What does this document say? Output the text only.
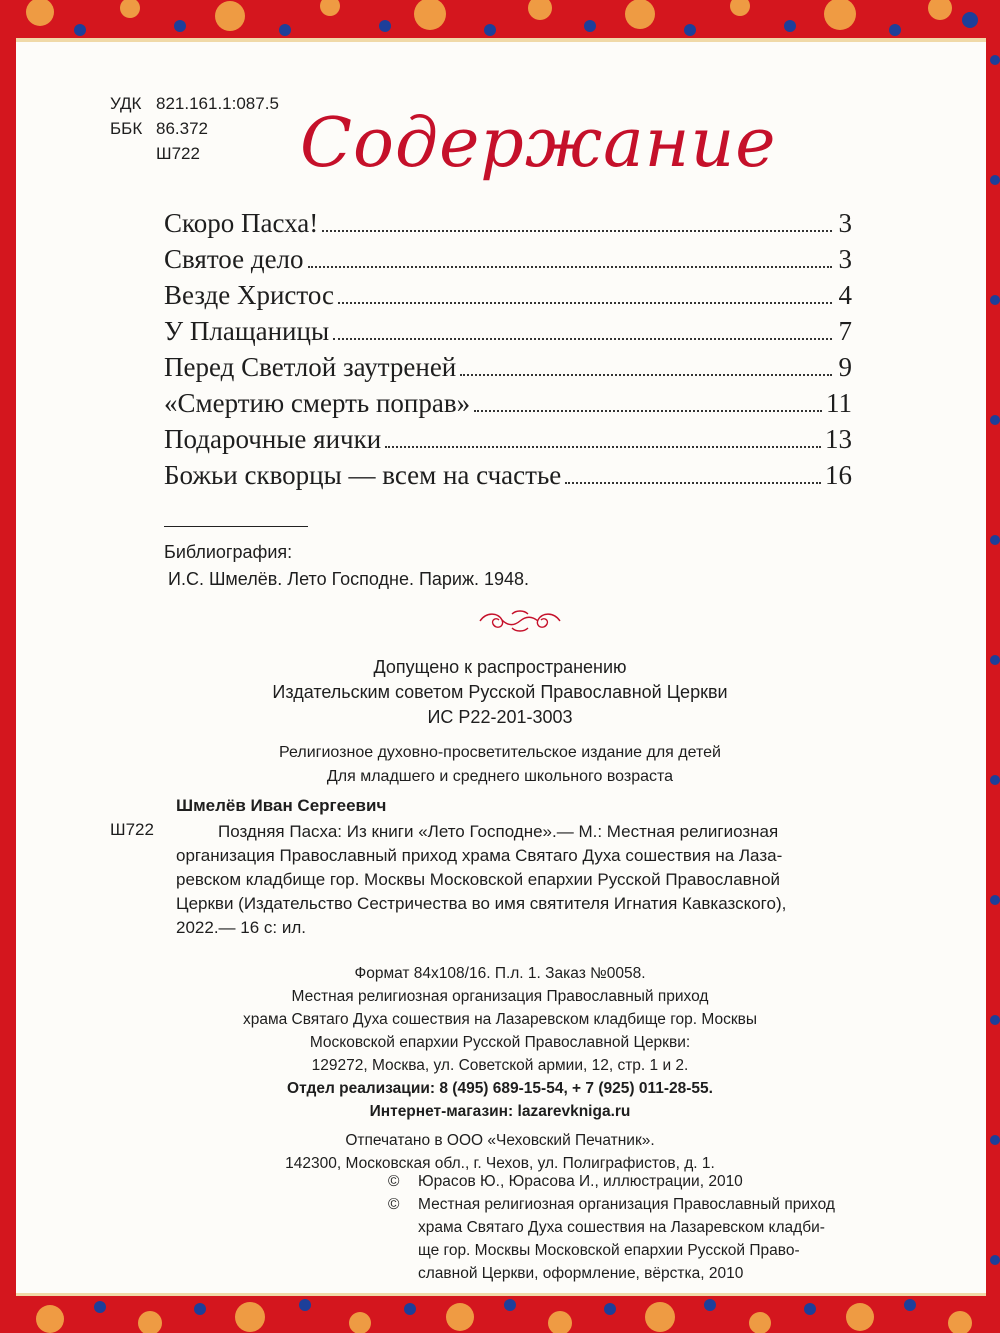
УДК 821.161.1:087.5
ББК 86.372
Ш722	Содержание
Скоро Пасха!	3
Святое дело	3
Везде Христос	4
У Плащаницы	7
Перед Светлой заутреней	9
«Смертию смерть поправ»	11
Подарочные яички	13
Божьи скворцы — всем на счастье	16
Библиография:
И.С. Шмелёв. Лето Господне. Париж. 1948.
Допущено к распространению
Издательским советом Русской Православной Церкви
ИС Р22-201-3003
Религиозное духовно-просветительское издание для детей
Для младшего и среднего школьного возраста
Шмелёв Иван Сергеевич
Ш722	Поздняя Пасха: Из книги «Лето Господне».— М.: Местная религиозная
организация Православный приход храма Святаго Духа сошествия на Лаза-
ревском кладбище гор. Москвы Московской епархии Русской Православной
Церкви (Издательство Сестричества во имя святителя Игнатия Кавказского),
2022.— 16 с: ил.
Формат 84x108/16. П.л. 1. Заказ №0058.
Местная религиозная организация Православный приход
храма Святаго Духа сошествия на Лазаревском кладбище гор. Москвы
Московской епархии Русской Православной Церкви:
129272, Москва, ул. Советской армии, 12, стр. 1 и 2.
Отдел реализации: 8 (495) 689-15-54, + 7 (925) 011-28-55.
Интернет-магазин: lazarevkniga.ru
Отпечатано в ООО «Чеховский Печатник».
142300, Московская обл., г. Чехов, ул. Полиграфистов, д. 1.
© Юрасов Ю., Юрасова И., иллюстрации, 2010
© Местная религиозная организация Православный приход
храма Святаго Духа сошествия на Лазаревском кладби-
ще гор. Москвы Московской епархии Русской Право-
славной Церкви, оформление, вёрстка, 2010
